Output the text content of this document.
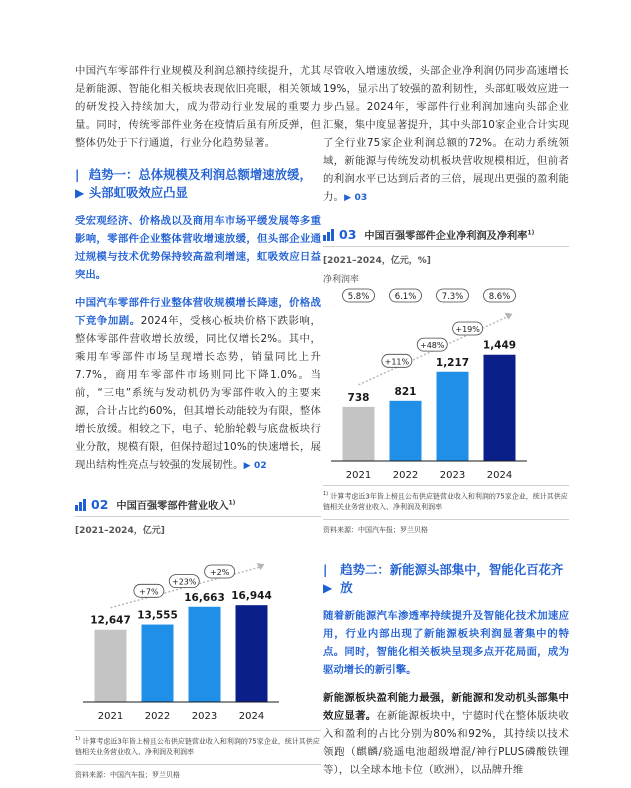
中国汽车零部件行业规模及利润总额持续提升，尤其是新能源、智能化相关板块表现依旧亮眼，相关领域的研发投入持续加大，成为带动行业发展的重要力量。同时，传统零部件业务在疫情后虽有所反弹，但整体仍处于下行通道，行业分化趋势显著。

|▶
趋势一：总体规模及利润总额增速放缓，头部虹吸效应凸显

受宏观经济、价格战以及商用车市场平缓发展等多重影响，零部件企业整体营收增速放缓，但头部企业通过规模与技术优势保持较高盈利增速，虹吸效应日益突出。

中国汽车零部件行业整体营收规模增长降速，价格战下竞争加剧。2024年，受核心板块价格下跌影响，整体零部件营收增长放缓，同比仅增长2%。其中，乘用车零部件市场呈现增长态势，销量同比上升7.7%，商用车零部件市场则同比下降1.0%。当前，“三电”系统与发动机仍为零部件收入的主要来源，合计占比约60%，但其增长动能较为有限，整体增长放缓。相较之下，电子、轮胎轮毂与底盘板块行业分散，规模有限，但保持超过10%的快速增长，展现出结构性亮点与较强的发展韧性。▶ 02

02 中国百强零部件营业收入$^{1)}$
[2021–2024，亿元]
12,647
2021
13,555
2022
16,663
2023
16,944
2024
+7%
+23%
+2%
$^{1)}$ 计算考虑近3年皆上榜且公布供应链营业收入和利润的75家企业，统计其供应链相关业务营业收入、净利润及利润率
资料来源：中国汽车报；罗兰贝格

尽管收入增速放缓，头部企业净利润仍同步高速增长19%，显示出了较强的盈利韧性，头部虹吸效应进一步凸显。2024年，零部件行业利润加速向头部企业汇聚，集中度显著提升，其中头部10家企业合计实现了全行业75家企业利润总额的72%。在动力系统领域，新能源与传统发动机板块营收规模相近，但前者的利润水平已达到后者的三倍，展现出更强的盈利能力。▶ 03

03 中国百强零部件企业净利润及净利率$^{1)}$
[2021–2024，亿元，%]
净利润率
738
2021
821
2022
1,217
2023
1,449
2024
+11%
+48%
+19%
5.8%	6.1%	7.3%	8.6%
$^{1)}$ 计算考虑近3年皆上榜且公布供应链营业收入和利润的75家企业，统计其供应链相关业务营业收入、净利润及利润率
资料来源：中国汽车报；罗兰贝格
|▶
趋势二：新能源头部集中，智能化百花齐放

随着新能源汽车渗透率持续提升及智能化技术加速应用，行业内部出现了新能源板块利润显著集中的特点。同时，智能化相关板块呈现多点开花局面，成为驱动增长的新引擎。

新能源板块盈利能力最强，新能源和发动机头部集中效应显著。在新能源板块中，宁德时代在整体版块收入和盈利的占比分别为80%和92%，其持续以技术领跑（麒麟/骁遥电池超级增混/神行PLUS磷酸铁锂等），以全球本地卡位（欧洲），以品牌升维
